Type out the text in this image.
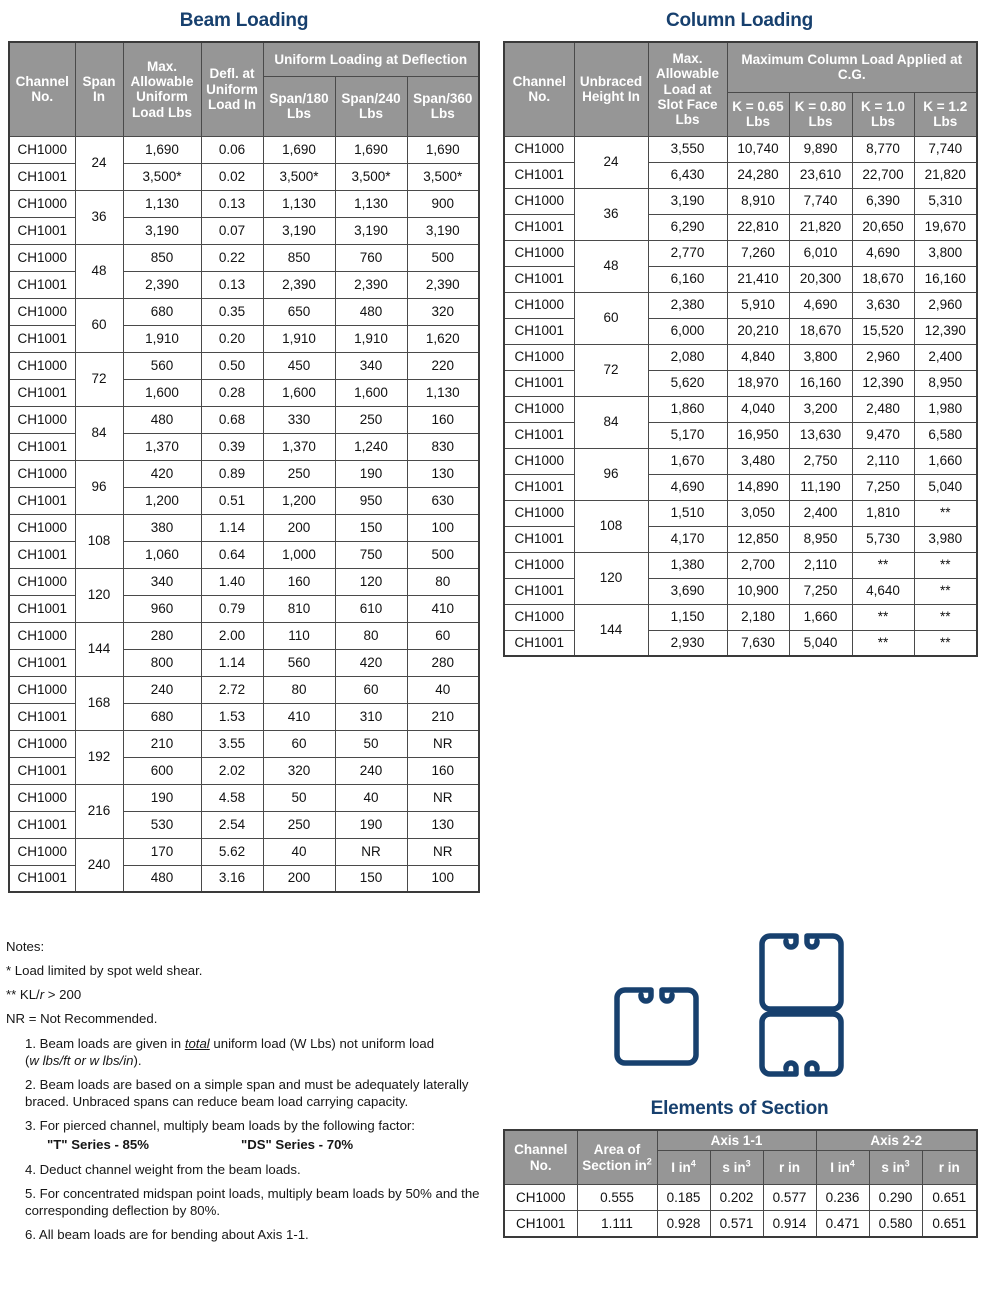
Beam Loading
Channel No.	Span In	Max. Allowable Uniform Load Lbs	Defl. at Uniform Load In	Uniform Loading at Deflection		
				Span/180 Lbs	Span/240 Lbs	Span/360 Lbs
CH1000	24	1,690	0.06	1,690	1,690	1,690
CH1001		3,500*	0.02	3,500*	3,500*	3,500*
CH1000	36	1,130	0.13	1,130	1,130	900
CH1001		3,190	0.07	3,190	3,190	3,190
CH1000	48	850	0.22	850	760	500
CH1001		2,390	0.13	2,390	2,390	2,390
CH1000	60	680	0.35	650	480	320
CH1001		1,910	0.20	1,910	1,910	1,620
CH1000	72	560	0.50	450	340	220
CH1001		1,600	0.28	1,600	1,600	1,130
CH1000	84	480	0.68	330	250	160
CH1001		1,370	0.39	1,370	1,240	830
CH1000	96	420	0.89	250	190	130
CH1001		1,200	0.51	1,200	950	630
CH1000	108	380	1.14	200	150	100
CH1001		1,060	0.64	1,000	750	500
CH1000	120	340	1.40	160	120	80
CH1001		960	0.79	810	610	410
CH1000	144	280	2.00	110	80	60
CH1001		800	1.14	560	420	280
CH1000	168	240	2.72	80	60	40
CH1001		680	1.53	410	310	210
CH1000	192	210	3.55	60	50	NR
CH1001		600	2.02	320	240	160
CH1000	216	190	4.58	50	40	NR
CH1001		530	2.54	250	190	130
CH1000	240	170	5.62	40	NR	NR
CH1001		480	3.16	200	150	100
Column Loading
Channel No.	Unbraced Height In	Max. Allowable Load at Slot Face Lbs	Maximum Column Load Applied at C.G.			
			K = 0.65 Lbs	K = 0.80 Lbs	K = 1.0 Lbs	K = 1.2 Lbs
CH1000	24	3,550	10,740	9,890	8,770	7,740
CH1001		6,430	24,280	23,610	22,700	21,820
CH1000	36	3,190	8,910	7,740	6,390	5,310
CH1001		6,290	22,810	21,820	20,650	19,670
CH1000	48	2,770	7,260	6,010	4,690	3,800
CH1001		6,160	21,410	20,300	18,670	16,160
CH1000	60	2,380	5,910	4,690	3,630	2,960
CH1001		6,000	20,210	18,670	15,520	12,390
CH1000	72	2,080	4,840	3,800	2,960	2,400
CH1001		5,620	18,970	16,160	12,390	8,950
CH1000	84	1,860	4,040	3,200	2,480	1,980
CH1001		5,170	16,950	13,630	9,470	6,580
CH1000	96	1,670	3,480	2,750	2,110	1,660
CH1001		4,690	14,890	11,190	7,250	5,040
CH1000	108	1,510	3,050	2,400	1,810	**
CH1001		4,170	12,850	8,950	5,730	3,980
CH1000	120	1,380	2,700	2,110	**	**
CH1001		3,690	10,900	7,250	4,640	**
CH1000	144	1,150	2,180	1,660	**	**
CH1001		2,930	7,630	5,040	**	**
Notes:
* Load limited by spot weld shear.
** KL/r > 200
NR = Not Recommended.
1. Beam loads are given in total uniform load (W Lbs) not uniform load
(w lbs/ft or w lbs/in).
2. Beam loads are based on a simple span and must be adequately laterally braced. Unbraced spans can reduce beam load carrying capacity.
3. For pierced channel, multiply beam loads by the following factor:
"T" Series - 85%	"DS" Series - 70%
4. Deduct channel weight from the beam loads.
5. For concentrated midspan point loads, multiply beam loads by 50% and the corresponding deflection by 80%.
6. All beam loads are for bending about Axis 1-1.
Elements of Section
Channel No.	Area of Section $in^2$	Axis 1-1			Axis 2-2		
		I $in^4$	s $in^3$	r in	I $in^4$	s $in^3$	r in
CH1000	0.555	0.185	0.202	0.577	0.236	0.290	0.651
CH1001	1.111	0.928	0.571	0.914	0.471	0.580	0.651
